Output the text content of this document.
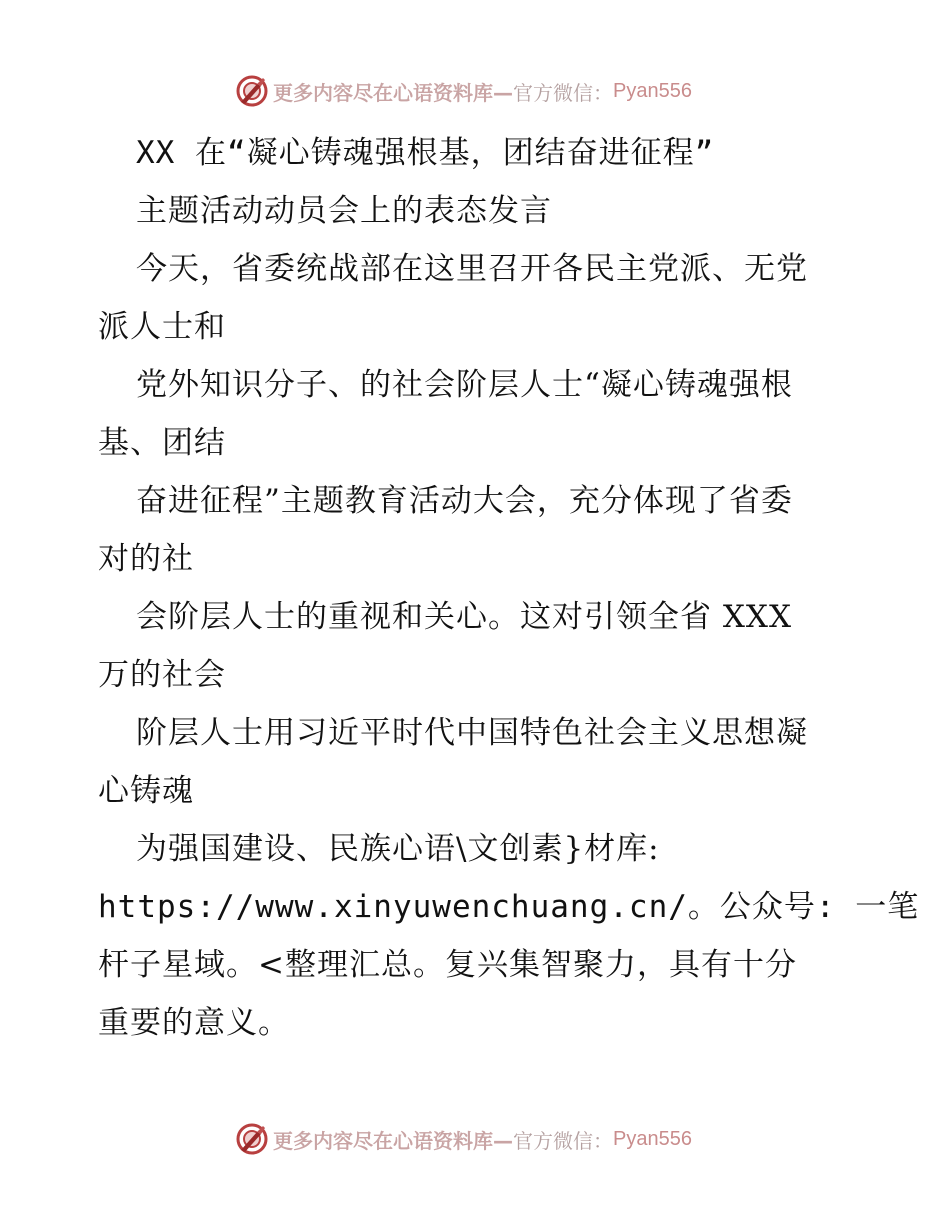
更多内容尽在心语资料库— 官方微信： Pyan556
XX 在“凝心铸魂强根基，团结奋进征程”
主题活动动员会上的表态发言
今天，省委统战部在这里召开各民主党派、无党
派人士和
党外知识分子、的社会阶层人士“凝心铸魂强根
基、团结
奋进征程”主题教育活动大会，充分体现了省委
对的社
会阶层人士的重视和关心。这对引领全省 XXX
万的社会
阶层人士用习近平时代中国特色社会主义思想凝
心铸魂
为强国建设、民族心语\文创素}材库:
https://www.xinyuwenchuang.cn/。公众号: 一笔
杆子星域。<整理汇总。复兴集智聚力，具有十分
重要的意义。
更多内容尽在心语资料库— 官方微信： Pyan556
